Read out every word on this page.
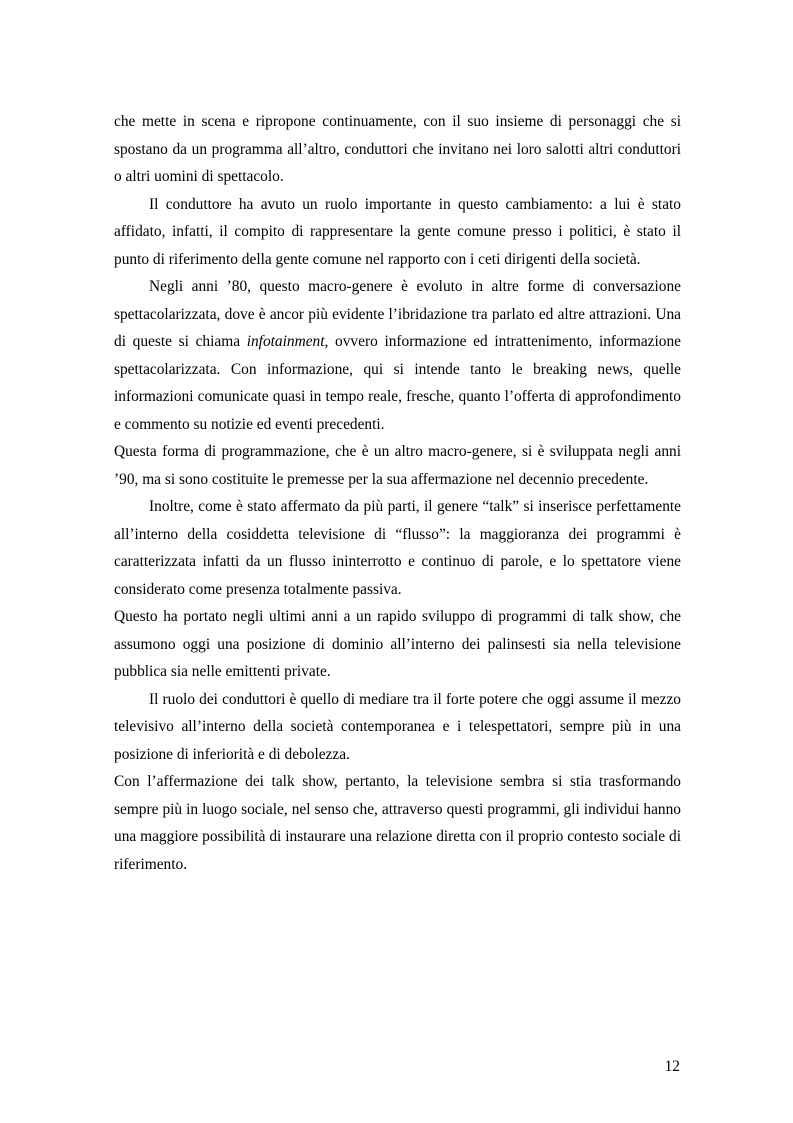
che mette in scena e ripropone continuamente, con il suo insieme di personaggi che si spostano da un programma all’altro, conduttori che invitano nei loro salotti altri conduttori o altri uomini di spettacolo.

Il conduttore ha avuto un ruolo importante in questo cambiamento: a lui è stato affidato, infatti, il compito di rappresentare la gente comune presso i politici, è stato il punto di riferimento della gente comune nel rapporto con i ceti dirigenti della società.

Negli anni ’80, questo macro-genere è evoluto in altre forme di conversazione spettacolarizzata, dove è ancor più evidente l’ibridazione tra parlato ed altre attrazioni. Una di queste si chiama infotainment, ovvero informazione ed intrattenimento, informazione spettacolarizzata. Con informazione, qui si intende tanto le breaking news, quelle informazioni comunicate quasi in tempo reale, fresche, quanto l’offerta di approfondimento e commento su notizie ed eventi precedenti.

Questa forma di programmazione, che è un altro macro-genere, si è sviluppata negli anni ’90, ma si sono costituite le premesse per la sua affermazione nel decennio precedente.

Inoltre, come è stato affermato da più parti, il genere “talk” si inserisce perfettamente all’interno della cosiddetta televisione di “flusso”: la maggioranza dei programmi è caratterizzata infatti da un flusso ininterrotto e continuo di parole, e lo spettatore viene considerato come presenza totalmente passiva.

Questo ha portato negli ultimi anni a un rapido sviluppo di programmi di talk show, che assumono oggi una posizione di dominio all’interno dei palinsesti sia nella televisione pubblica sia nelle emittenti private.

Il ruolo dei conduttori è quello di mediare tra il forte potere che oggi assume il mezzo televisivo all’interno della società contemporanea e i telespettatori, sempre più in una posizione di inferiorità e di debolezza.

Con l’affermazione dei talk show, pertanto, la televisione sembra si stia trasformando sempre più in luogo sociale, nel senso che, attraverso questi programmi, gli individui hanno una maggiore possibilità di instaurare una relazione diretta con il proprio contesto sociale di riferimento.

12
